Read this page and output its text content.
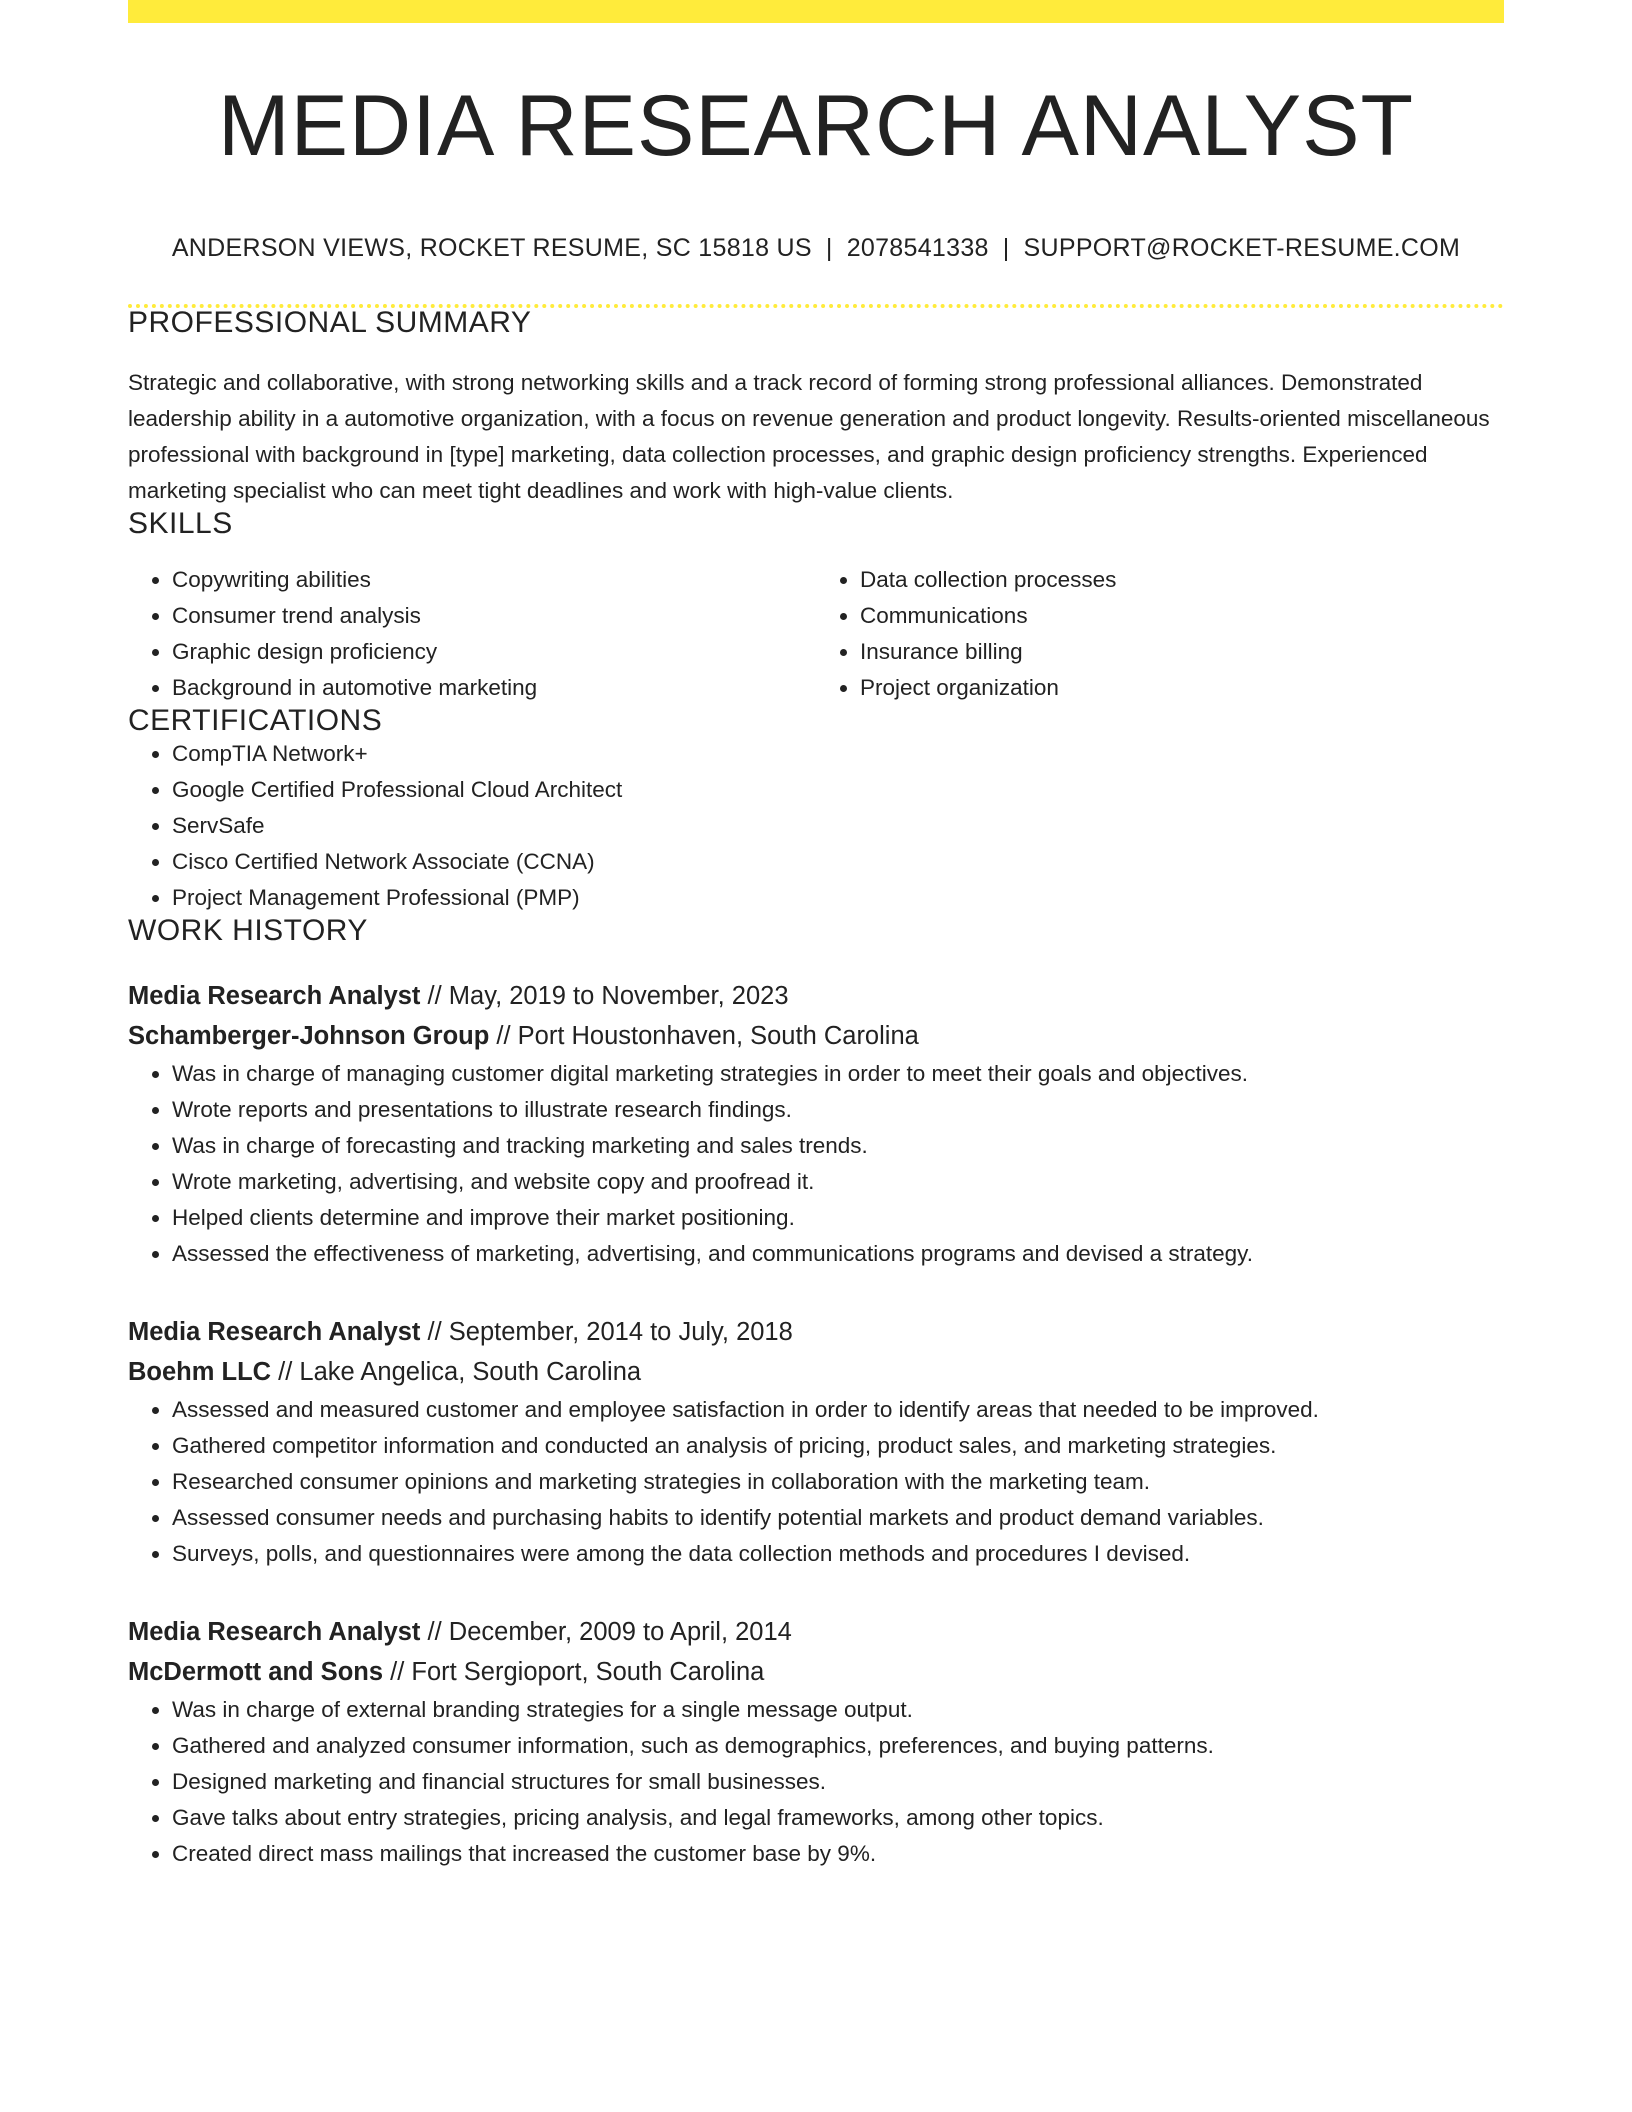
MEDIA RESEARCH ANALYST
ANDERSON VIEWS, ROCKET RESUME, SC 15818 US | 2078541338 | SUPPORT@ROCKET-RESUME.COM
PROFESSIONAL SUMMARY

Strategic and collaborative, with strong networking skills and a track record of forming strong professional alliances. Demonstrated leadership ability in a automotive organization, with a focus on revenue generation and product longevity. Results-oriented miscellaneous professional with background in [type] marketing, data collection processes, and graphic design proficiency strengths. Experienced marketing specialist who can meet tight deadlines and work with high-value clients.

SKILLS
• Copywriting abilities
• Consumer trend analysis
• Graphic design proficiency
• Background in automotive marketing
• Data collection processes
• Communications
• Insurance billing
• Project organization
CERTIFICATIONS
• CompTIA Network+
• Google Certified Professional Cloud Architect
• ServSafe
• Cisco Certified Network Associate (CCNA)
• Project Management Professional (PMP)
WORK HISTORY
Media Research Analyst // May, 2019 to November, 2023
Schamberger-Johnson Group // Port Houstonhaven, South Carolina
• Was in charge of managing customer digital marketing strategies in order to meet their goals and objectives.
• Wrote reports and presentations to illustrate research findings.
• Was in charge of forecasting and tracking marketing and sales trends.
• Wrote marketing, advertising, and website copy and proofread it.
• Helped clients determine and improve their market positioning.
• Assessed the effectiveness of marketing, advertising, and communications programs and devised a strategy.
Media Research Analyst // September, 2014 to July, 2018
Boehm LLC // Lake Angelica, South Carolina
• Assessed and measured customer and employee satisfaction in order to identify areas that needed to be improved.
• Gathered competitor information and conducted an analysis of pricing, product sales, and marketing strategies.
• Researched consumer opinions and marketing strategies in collaboration with the marketing team.
• Assessed consumer needs and purchasing habits to identify potential markets and product demand variables.
• Surveys, polls, and questionnaires were among the data collection methods and procedures I devised.
Media Research Analyst // December, 2009 to April, 2014
McDermott and Sons // Fort Sergioport, South Carolina
• Was in charge of external branding strategies for a single message output.
• Gathered and analyzed consumer information, such as demographics, preferences, and buying patterns.
• Designed marketing and financial structures for small businesses.
• Gave talks about entry strategies, pricing analysis, and legal frameworks, among other topics.
• Created direct mass mailings that increased the customer base by 9%.
